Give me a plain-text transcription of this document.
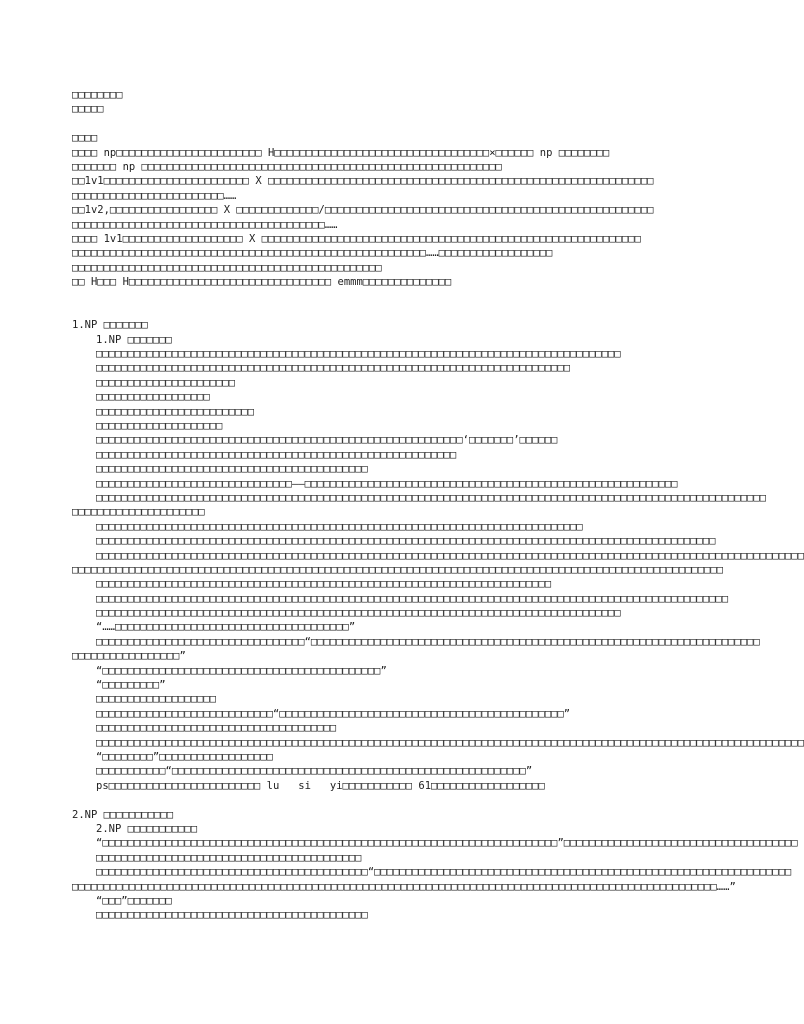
□□□□□□□□
□□□□□
□□□□
□□□□ np□□□□□□□□□□□□□□□□□□□□□□□ H□□□□□□□□□□□□□□□□□□□□□□□□□□□□□□□□□□×□□□□□□ np □□□□□□□□
□□□□□□□ np □□□□□□□□□□□□□□□□□□□□□□□□□□□□□□□□□□□□□□□□□□□□□□□□□□□□□□□□□
□□1v1□□□□□□□□□□□□□□□□□□□□□□□ X □□□□□□□□□□□□□□□□□□□□□□□□□□□□□□□□□□□□□□□□□□□□□□□□□□□□□□□□□□□□□
□□□□□□□□□□□□□□□□□□□□□□□□……
□□1v2,□□□□□□□□□□□□□□□□□ X □□□□□□□□□□□□□/□□□□□□□□□□□□□□□□□□□□□□□□□□□□□□□□□□□□□□□□□□□□□□□□□□□□
□□□□□□□□□□□□□□□□□□□□□□□□□□□□□□□□□□□□□□□□……
□□□□ 1v1□□□□□□□□□□□□□□□□□□□ X □□□□□□□□□□□□□□□□□□□□□□□□□□□□□□□□□□□□□□□□□□□□□□□□□□□□□□□□□□□□
□□□□□□□□□□□□□□□□□□□□□□□□□□□□□□□□□□□□□□□□□□□□□□□□□□□□□□□□……□□□□□□□□□□□□□□□□□□
□□□□□□□□□□□□□□□□□□□□□□□□□□□□□□□□□□□□□□□□□□□□□□□□□
□□ H□□□ H□□□□□□□□□□□□□□□□□□□□□□□□□□□□□□□□ emmm□□□□□□□□□□□□□□
1.NP □□□□□□□
1.NP □□□□□□□
□□□□□□□□□□□□□□□□□□□□□□□□□□□□□□□□□□□□□□□□□□□□□□□□□□□□□□□□□□□□□□□□□□□□□□□□□□□□□□□□□□□
□□□□□□□□□□□□□□□□□□□□□□□□□□□□□□□□□□□□□□□□□□□□□□□□□□□□□□□□□□□□□□□□□□□□□□□□□□□
□□□□□□□□□□□□□□□□□□□□□□
□□□□□□□□□□□□□□□□□□
□□□□□□□□□□□□□□□□□□□□□□□□□
□□□□□□□□□□□□□□□□□□□□
□□□□□□□□□□□□□□□□□□□□□□□□□□□□□□□□□□□□□□□□□□□□□□□□□□□□□□□□□□‘□□□□□□□’□□□□□□
□□□□□□□□□□□□□□□□□□□□□□□□□□□□□□□□□□□□□□□□□□□□□□□□□□□□□□□□□
□□□□□□□□□□□□□□□□□□□□□□□□□□□□□□□□□□□□□□□□□□□
□□□□□□□□□□□□□□□□□□□□□□□□□□□□□□□——□□□□□□□□□□□□□□□□□□□□□□□□□□□□□□□□□□□□□□□□□□□□□□□□□□□□□□□□□□□
□□□□□□□□□□□□□□□□□□□□□□□□□□□□□□□□□□□□□□□□□□□□□□□□□□□□□□□□□□□□□□□□□□□□□□□□□□□□□□□□□□□□□□□□□□□□□□□□□□□□□□□□□□
□□□□□□□□□□□□□□□□□□□□□
□□□□□□□□□□□□□□□□□□□□□□□□□□□□□□□□□□□□□□□□□□□□□□□□□□□□□□□□□□□□□□□□□□□□□□□□□□□□□
□□□□□□□□□□□□□□□□□□□□□□□□□□□□□□□□□□□□□□□□□□□□□□□□□□□□□□□□□□□□□□□□□□□□□□□□□□□□□□□□□□□□□□□□□□□□□□□□□□
□□□□□□□□□□□□□□□□□□□□□□□□□□□□□□□□□□□□□□□□□□□□□□□□□□□□□□□□□□□□□□□□□□□□□□□□□□□□□□□□□□□□□□□□□□□□□□□□□□□□□□□□□□□□□□□□
□□□□□□□□□□□□□□□□□□□□□□□□□□□□□□□□□□□□□□□□□□□□□□□□□□□□□□□□□□□□□□□□□□□□□□□□□□□□□□□□□□□□□□□□□□□□□□□□□□□□□□□
□□□□□□□□□□□□□□□□□□□□□□□□□□□□□□□□□□□□□□□□□□□□□□□□□□□□□□□□□□□□□□□□□□□□□□□□
□□□□□□□□□□□□□□□□□□□□□□□□□□□□□□□□□□□□□□□□□□□□□□□□□□□□□□□□□□□□□□□□□□□□□□□□□□□□□□□□□□□□□□□□□□□□□□□□□□□□
□□□□□□□□□□□□□□□□□□□□□□□□□□□□□□□□□□□□□□□□□□□□□□□□□□□□□□□□□□□□□□□□□□□□□□□□□□□□□□□□□□□
“……□□□□□□□□□□□□□□□□□□□□□□□□□□□□□□□□□□□□□”
□□□□□□□□□□□□□□□□□□□□□□□□□□□□□□□□□“□□□□□□□□□□□□□□□□□□□□□□□□□□□□□□□□□□□□□□□□□□□□□□□□□□□□□□□□□□□□□□□□□□□□□□□
□□□□□□□□□□□□□□□□□”
“□□□□□□□□□□□□□□□□□□□□□□□□□□□□□□□□□□□□□□□□□□□□”
“□□□□□□□□□”
□□□□□□□□□□□□□□□□□□□
□□□□□□□□□□□□□□□□□□□□□□□□□□□□“□□□□□□□□□□□□□□□□□□□□□□□□□□□□□□□□□□□□□□□□□□□□□”
□□□□□□□□□□□□□□□□□□□□□□□□□□□□□□□□□□□□□□
□□□□□□□□□□□□□□□□□□□□□□□□□□□□□□□□□□□□□□□□□□□□□□□□□□□□□□□□□□□□□□□□□□□□□□□□□□□□□□□□□□□□□□□□□□□□□□□□□□□□□□□□□□□□□□□□
“□□□□□□□□”□□□□□□□□□□□□□□□□□□
□□□□□□□□□□□“□□□□□□□□□□□□□□□□□□□□□□□□□□□□□□□□□□□□□□□□□□□□□□□□□□□□□□□□”
ps□□□□□□□□□□□□□□□□□□□□□□□□ lu   si   yi□□□□□□□□□□□ 61□□□□□□□□□□□□□□□□□□
2.NP □□□□□□□□□□□
2.NP □□□□□□□□□□□
“□□□□□□□□□□□□□□□□□□□□□□□□□□□□□□□□□□□□□□□□□□□□□□□□□□□□□□□□□□□□□□□□□□□□□□□□”□□□□□□□□□□□□□□□□□□□□□□□□□□□□□□□□□□□□□
□□□□□□□□□□□□□□□□□□□□□□□□□□□□□□□□□□□□□□□□□□
□□□□□□□□□□□□□□□□□□□□□□□□□□□□□□□□□□□□□□□□□□□“□□□□□□□□□□□□□□□□□□□□□□□□□□□□□□□□□□□□□□□□□□□□□□□□□□□□□□□□□□□□□□□□□□
□□□□□□□□□□□□□□□□□□□□□□□□□□□□□□□□□□□□□□□□□□□□□□□□□□□□□□□□□□□□□□□□□□□□□□□□□□□□□□□□□□□□□□□□□□□□□□□□□□□□□□……”
“□□□”□□□□□□□
□□□□□□□□□□□□□□□□□□□□□□□□□□□□□□□□□□□□□□□□□□□
